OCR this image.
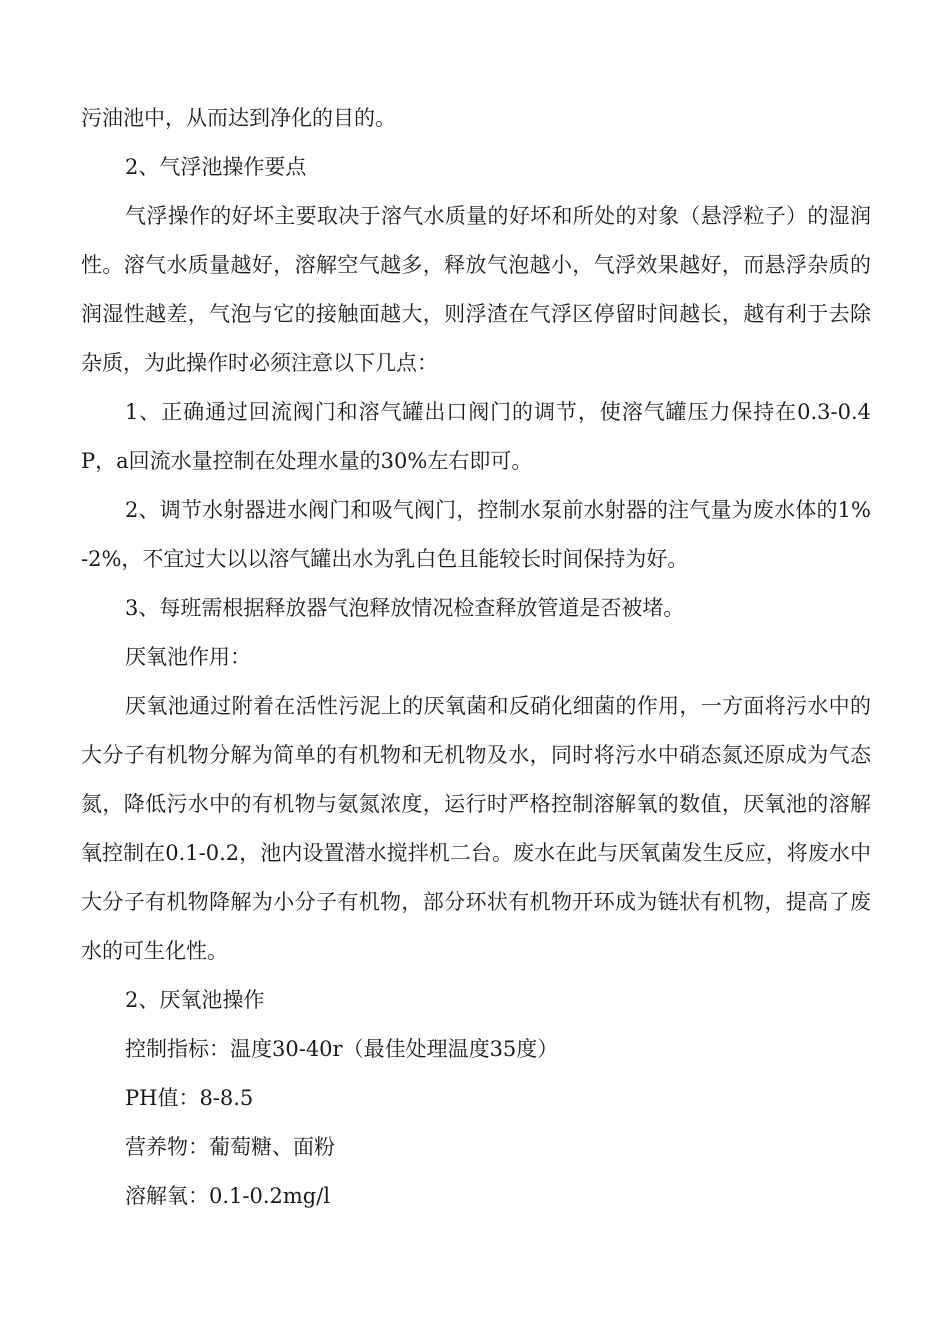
污油池中，从而达到净化的目的。

2、气浮池操作要点

气浮操作的好坏主要取决于溶气水质量的好坏和所处的对象（悬浮粒子）的湿润性。溶气水质量越好，溶解空气越多，释放气泡越小，气浮效果越好，而悬浮杂质的润湿性越差，气泡与它的接触面越大，则浮渣在气浮区停留时间越长，越有利于去除杂质，为此操作时必须注意以下几点：

1、正确通过回流阀门和溶气罐出口阀门的调节，使溶气罐压力保持在0.3-0.4P，a回流水量控制在处理水量的30%左右即可。

2、调节水射器进水阀门和吸气阀门，控制水泵前水射器的注气量为废水体的1%-2%，不宜过大以以溶气罐出水为乳白色且能较长时间保持为好。

3、每班需根据释放器气泡释放情况检查释放管道是否被堵。

厌氧池作用：

厌氧池通过附着在活性污泥上的厌氧菌和反硝化细菌的作用，一方面将污水中的大分子有机物分解为简单的有机物和无机物及水，同时将污水中硝态氮还原成为气态氮，降低污水中的有机物与氨氮浓度，运行时严格控制溶解氧的数值，厌氧池的溶解氧控制在0.1-0.2，池内设置潜水搅拌机二台。废水在此与厌氧菌发生反应，将废水中大分子有机物降解为小分子有机物，部分环状有机物开环成为链状有机物，提高了废水的可生化性。

2、厌氧池操作

控制指标：温度30-40r（最佳处理温度35度）

PH值：8-8.5

营养物：葡萄糖、面粉

溶解氧：0.1-0.2mg/l
